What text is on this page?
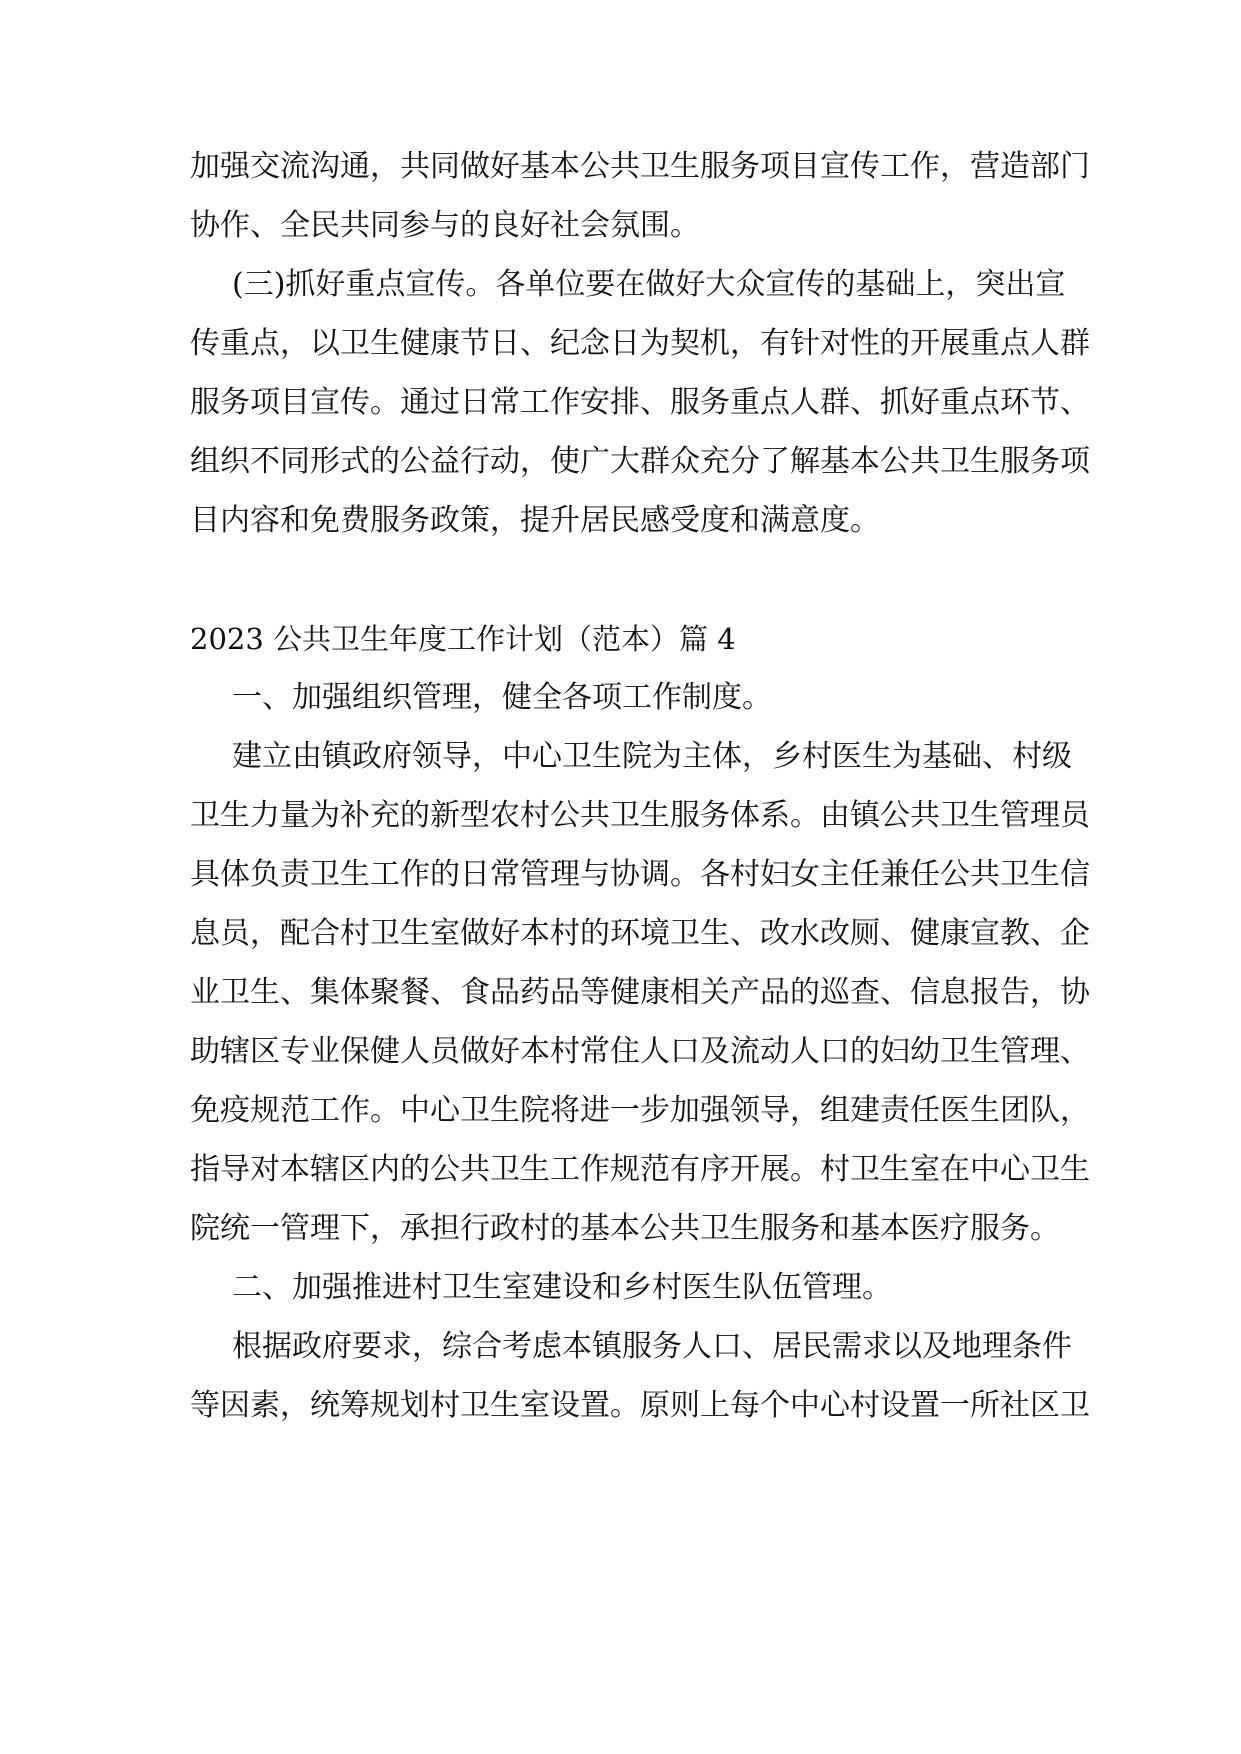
加强交流沟通，共同做好基本公共卫生服务项目宣传工作，营造部门
协作、全民共同参与的良好社会氛围。
(三)抓好重点宣传。各单位要在做好大众宣传的基础上，突出宣
传重点，以卫生健康节日、纪念日为契机，有针对性的开展重点人群
服务项目宣传。通过日常工作安排、服务重点人群、抓好重点环节、
组织不同形式的公益行动，使广大群众充分了解基本公共卫生服务项
目内容和免费服务政策，提升居民感受度和满意度。
2023 公共卫生年度工作计划（范本）篇 4
一、加强组织管理，健全各项工作制度。
建立由镇政府领导，中心卫生院为主体，乡村医生为基础、村级
卫生力量为补充的新型农村公共卫生服务体系。由镇公共卫生管理员
具体负责卫生工作的日常管理与协调。各村妇女主任兼任公共卫生信
息员，配合村卫生室做好本村的环境卫生、改水改厕、健康宣教、企
业卫生、集体聚餐、食品药品等健康相关产品的巡查、信息报告，协
助辖区专业保健人员做好本村常住人口及流动人口的妇幼卫生管理、
免疫规范工作。中心卫生院将进一步加强领导，组建责任医生团队，
指导对本辖区内的公共卫生工作规范有序开展。村卫生室在中心卫生
院统一管理下，承担行政村的基本公共卫生服务和基本医疗服务。
二、加强推进村卫生室建设和乡村医生队伍管理。
根据政府要求，综合考虑本镇服务人口、居民需求以及地理条件
等因素，统筹规划村卫生室设置。原则上每个中心村设置一所社区卫
